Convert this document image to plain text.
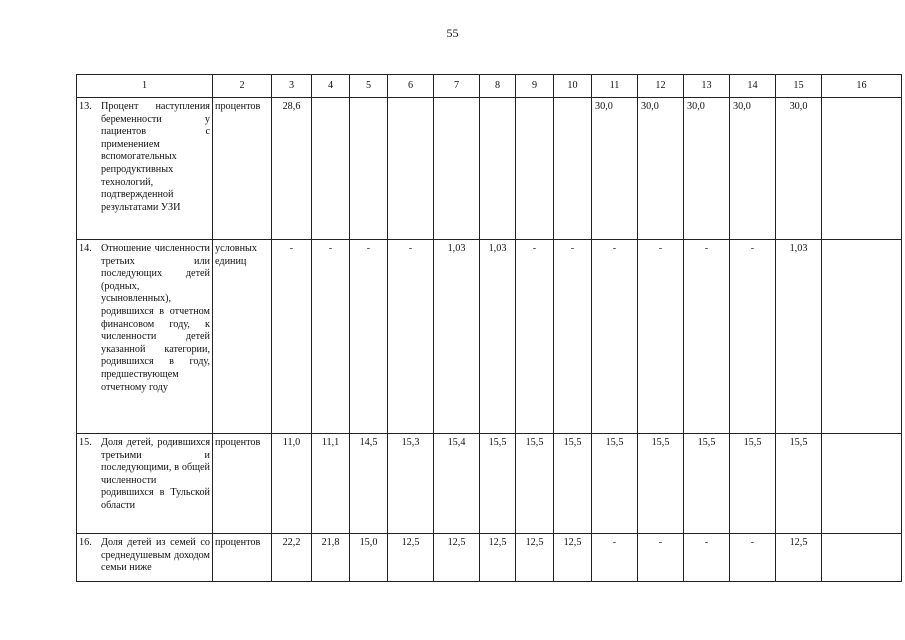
55
1	2	3	4	5	6	7	8	9	10	11	12	13	14	15	16

13. Процент наступления беременности у пациентов с применением вспомогательных репродуктивных технологий, подтвержденной результатами УЗИ	процентов	28,6								30,0	30,0	30,0	30,0	30,0	

14. Отношение численности третьих или последующих детей (родных, усыновленных), родившихся в отчетном финансовом году, к численности детей указанной категории, родившихся в году, предшествующем отчетному году	условных единиц	-	-	-	-	1,03	1,03	-	-	-	-	-	-	1,03	

15. Доля детей, родившихся третьими и последующими, в общей численности родившихся в Тульской области	процентов	11,0	11,1	14,5	15,3	15,4	15,5	15,5	15,5	15,5	15,5	15,5	15,5	15,5	

16. Доля детей из семей со среднедушевым доходом семьи ниже	процентов	22,2	21,8	15,0	12,5	12,5	12,5	12,5	12,5	-	-	-	-	12,5	
